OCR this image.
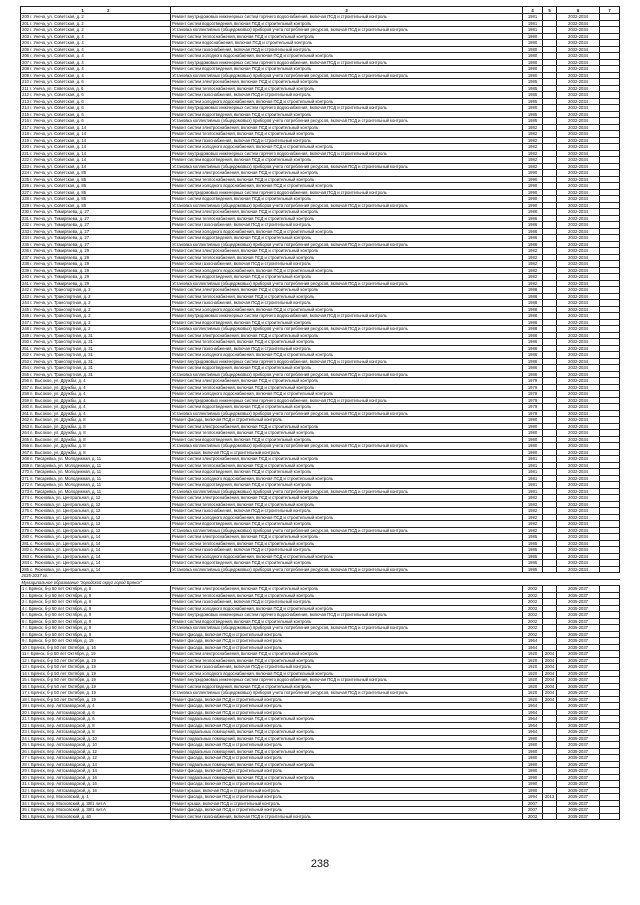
1 2	3	4	5	6	7
200 г. Унеча, ул. Советская, д. 2	Ремонт внутридомовых инженерных систем горячего водоснабжения, включая ПСД и строительный контроль	1981		2032-2034	
201 г. Унеча, ул. Советская, д. 2	Ремонт систем водоотведения, включая ПСД и строительный контроль	1981		2032-2034	
202 г. Унеча, ул. Советская, д. 2	Установка коллективных (общедомовых) приборов учета потребления ресурсов, включая ПСД и строительный контроль	1981		2032-2034	
203 г. Унеча, ул. Советская, д. 4	Ремонт систем теплоснабжения, включая ПСД и строительный контроль	1980		2032-2034	
204 г. Унеча, ул. Советская, д. 4	Ремонт систем водоснабжения, включая ПСД и строительный контроль	1980		2032-2034	
205 г. Унеча, ул. Советская, д. 4	Ремонт систем газоснабжения, включая ПСД и строительный контроль	1980		2032-2034	
206 г. Унеча, ул. Советская, д. 4	Ремонт систем холодного водоснабжения, включая ПСД и строительный контроль	1980		2032-2034	
207 г. Унеча, ул. Советская, д. 4	Ремонт внутридомовых инженерных систем горячего водоснабжения, включая ПСД и строительный контроль	1980		2032-2034	
208 г. Унеча, ул. Советская, д. 4	Ремонт систем водоотведения, включая ПСД и строительный контроль	1980		2032-2034	
209 г. Унеча, ул. Советская, д. 4	Установка коллективных (общедомовых) приборов учета потребления ресурсов, включая ПСД и строительный контроль	1980		2032-2034	
210 г. Унеча, ул. Советская, д. 6	Ремонт систем электроснабжения, включая ПСД и строительный контроль	1985		2032-2034	
211 г. Унеча, ул. Советская, д. 6	Ремонт систем теплоснабжения, включая ПСД и строительный контроль	1985		2032-2034	
212 г. Унеча, ул. Советская, д. 6	Ремонт систем газоснабжения, включая ПСД и строительный контроль	1985		2032-2034	
213 г. Унеча, ул. Советская, д. 6	Ремонт систем холодного водоснабжения, включая ПСД и строительный контроль	1985		2032-2034	
214 г. Унеча, ул. Советская, д. 6	Ремонт внутридомовых инженерных систем горячего водоснабжения, включая ПСД и строительный контроль	1985		2032-2034	
215 г. Унеча, ул. Советская, д. 6	Ремонт систем водоотведения, включая ПСД и строительный контроль	1985		2032-2034	
216 г. Унеча, ул. Советская, д. 6	Установка коллективных (общедомовых) приборов учета потребления ресурсов, включая ПСД и строительный контроль	1985		2032-2034	
217 г. Унеча, ул. Советская, д. 14	Ремонт систем электроснабжения, включая ПСД и строительный контроль	1982		2032-2034	
218 г. Унеча, ул. Советская, д. 14	Ремонт систем теплоснабжения, включая ПСД и строительный контроль	1982		2032-2034	
219 г. Унеча, ул. Советская, д. 14	Ремонт систем газоснабжения, включая ПСД и строительный контроль	1982		2032-2034	
220 г. Унеча, ул. Советская, д. 14	Ремонт систем холодного водоснабжения, включая ПСД и строительный контроль	1982		2032-2034	
221 г. Унеча, ул. Советская, д. 14	Ремонт внутридомовых инженерных систем горячего водоснабжения, включая ПСД и строительный контроль	1982		2032-2034	
222 г. Унеча, ул. Советская, д. 14	Ремонт систем водоотведения, включая ПСД и строительный контроль	1982		2032-2034	
223 г. Унеча, ул. Советская, д. 14	Установка коллективных (общедомовых) приборов учета потребления ресурсов, включая ПСД и строительный контроль	1982		2032-2034	
224 г. Унеча, ул. Советская, д. 85	Ремонт систем электроснабжения, включая ПСД и строительный контроль	1990		2032-2034	
225 г. Унеча, ул. Советская, д. 85	Ремонт систем теплоснабжения, включая ПСД и строительный контроль	1990		2032-2034	
226 г. Унеча, ул. Советская, д. 85	Ремонт систем холодного водоснабжения, включая ПСД и строительный контроль	1990		2032-2034	
227 г. Унеча, ул. Советская, д. 85	Ремонт внутридомовых инженерных систем горячего водоснабжения, включая ПСД и строительный контроль	1990		2032-2034	
228 г. Унеча, ул. Советская, д. 85	Ремонт систем водоотведения, включая ПСД и строительный контроль	1990		2032-2034	
229 г. Унеча, ул. Советская, д. 85	Установка коллективных (общедомовых) приборов учета потребления ресурсов, включая ПСД и строительный контроль	1990		2032-2034	
230 г. Унеча, ул. Тимирязева, д. 27	Ремонт систем электроснабжения, включая ПСД и строительный контроль	1986		2032-2034	
231 г. Унеча, ул. Тимирязева, д. 27	Ремонт систем теплоснабжения, включая ПСД и строительный контроль	1986		2032-2034	
232 г. Унеча, ул. Тимирязева, д. 27	Ремонт систем газоснабжения, включая ПСД и строительный контроль	1986		2032-2034	
233 г. Унеча, ул. Тимирязева, д. 27	Ремонт систем холодного водоснабжения, включая ПСД и строительный контроль	1986		2032-2034	
234 г. Унеча, ул. Тимирязева, д. 27	Ремонт систем водоотведения, включая ПСД и строительный контроль	1986		2032-2034	
235 г. Унеча, ул. Тимирязева, д. 27	Установка коллективных (общедомовых) приборов учета потребления ресурсов, включая ПСД и строительный контроль	1986		2032-2034	
236 г. Унеча, ул. Тимирязева, д. 29	Ремонт систем электроснабжения, включая ПСД и строительный контроль	1982		2032-2034	
237 г. Унеча, ул. Тимирязева, д. 29	Ремонт систем теплоснабжения, включая ПСД и строительный контроль	1982		2032-2034	
238 г. Унеча, ул. Тимирязева, д. 29	Ремонт систем газоснабжения, включая ПСД и строительный контроль	1982		2032-2034	
239 г. Унеча, ул. Тимирязева, д. 29	Ремонт систем холодного водоснабжения, включая ПСД и строительный контроль	1982		2032-2034	
240 г. Унеча, ул. Тимирязева, д. 29	Ремонт систем водоотведения, включая ПСД и строительный контроль	1982		2032-2034	
241 г. Унеча, ул. Тимирязева, д. 29	Установка коллективных (общедомовых) приборов учета потребления ресурсов, включая ПСД и строительный контроль	1982		2032-2034	
242 г. Унеча, ул. Транспортная, д. 2	Ремонт систем электроснабжения, включая ПСД и строительный контроль	1988		2032-2034	
243 г. Унеча, ул. Транспортная, д. 2	Ремонт систем теплоснабжения, включая ПСД и строительный контроль	1988		2032-2034	
244 г. Унеча, ул. Транспортная, д. 2	Ремонт систем газоснабжения, включая ПСД и строительный контроль	1988		2032-2034	
245 г. Унеча, ул. Транспортная, д. 2	Ремонт систем холодного водоснабжения, включая ПСД и строительный контроль	1988		2032-2034	
246 г. Унеча, ул. Транспортная, д. 2	Ремонт внутридомовых инженерных систем горячего водоснабжения, включая ПСД и строительный контроль	1988		2032-2034	
247 г. Унеча, ул. Транспортная, д. 2	Ремонт систем водоотведения, включая ПСД и строительный контроль	1988		2032-2034	
248 г. Унеча, ул. Транспортная, д. 2	Установка коллективных (общедомовых) приборов учета потребления ресурсов, включая ПСД и строительный контроль	1988		2032-2034	
249 г. Унеча, ул. Транспортная, д. 31	Ремонт систем электроснабжения, включая ПСД и строительный контроль	1986		2032-2034	
250 г. Унеча, ул. Транспортная, д. 31	Ремонт систем теплоснабжения, включая ПСД и строительный контроль	1986		2032-2034	
251 г. Унеча, ул. Транспортная, д. 31	Ремонт систем газоснабжения, включая ПСД и строительный контроль	1986		2032-2034	
252 г. Унеча, ул. Транспортная, д. 31	Ремонт систем холодного водоснабжения, включая ПСД и строительный контроль	1986		2032-2034	
253 г. Унеча, ул. Транспортная, д. 31	Ремонт внутридомовых инженерных систем горячего водоснабжения, включая ПСД и строительный контроль	1986		2032-2034	
254 г. Унеча, ул. Транспортная, д. 31	Ремонт систем водоотведения, включая ПСД и строительный контроль	1986		2032-2034	
255 г. Унеча, ул. Транспортная, д. 31	Установка коллективных (общедомовых) приборов учета потребления ресурсов, включая ПСД и строительный контроль	1986		2032-2034	
256 п. Высокое, ул. Дружбы, д. 4	Ремонт систем электроснабжения, включая ПСД и строительный контроль	1979		2032-2034	
257 п. Высокое, ул. Дружбы, д. 4	Ремонт систем теплоснабжения, включая ПСД и строительный контроль	1979		2032-2034	
258 п. Высокое, ул. Дружбы, д. 4	Ремонт систем холодного водоснабжения, включая ПСД и строительный контроль	1979		2032-2034	
259 п. Высокое, ул. Дружбы, д. 4	Ремонт внутридомовых инженерных систем горячего водоснабжения, включая ПСД и строительный контроль	1979		2032-2034	
260 п. Высокое, ул. Дружбы, д. 4	Ремонт систем водоотведения, включая ПСД и строительный контроль	1979		2032-2034	
261 п. Высокое, ул. Дружбы, д. 4	Установка коллективных (общедомовых) приборов учета потребления ресурсов, включая ПСД и строительный контроль	1979		2032-2034	
262 п. Высокое, ул. Дружбы, д. 8	Ремонт фасада, включая ПСД и строительный контроль	1980		2032-2034	
263 п. Высокое, ул. Дружбы, д. 8	Ремонт систем электроснабжения, включая ПСД и строительный контроль	1980		2032-2034	
264 п. Высокое, ул. Дружбы, д. 8	Ремонт систем теплоснабжения, включая ПСД и строительный контроль	1980		2032-2034	
265 п. Высокое, ул. Дружбы, д. 8	Ремонт систем водоотведения, включая ПСД и строительный контроль	1980		2032-2034	
266 п. Высокое, ул. Дружбы, д. 8	Установка коллективных (общедомовых) приборов учета потребления ресурсов, включая ПСД и строительный контроль	1980		2032-2034	
267 п. Высокое, ул. Дружбы, д. 8	Ремонт крыши, включая ПСД и строительный контроль	1980		2032-2034	
268 п. Писаревка, ул. Молодежная, д. 11	Ремонт систем электроснабжения, включая ПСД и строительный контроль	1981		2032-2034	
269 п. Писаревка, ул. Молодежная, д. 11	Ремонт систем теплоснабжения, включая ПСД и строительный контроль	1981		2032-2034	
270 п. Писаревка, ул. Молодежная, д. 11	Ремонт систем водоотведения, включая ПСД и строительный контроль	1981		2032-2034	
271 п. Писаревка, ул. Молодежная, д. 11	Ремонт систем холодного водоснабжения, включая ПСД и строительный контроль	1981		2032-2034	
272 п. Писаревка, ул. Молодежная, д. 11	Ремонт систем водоотведения, включая ПСД и строительный контроль	1981		2032-2034	
273 п. Писаревка, ул. Молодежная, д. 11	Установка коллективных (общедомовых) приборов учета потребления ресурсов, включая ПСД и строительный контроль	1981		2032-2034	
274 с. Рюхновка, ул. Центральная, д. 12	Ремонт систем электроснабжения, включая ПСД и строительный контроль	1982		2032-2034	
275 с. Рюхновка, ул. Центральная, д. 12	Ремонт систем теплоснабжения, включая ПСД и строительный контроль	1982		2032-2034	
276 с. Рюхновка, ул. Центральная, д. 12	Ремонт систем газоснабжения, включая ПСД и строительный контроль	1982		2032-2034	
277 с. Рюхновка, ул. Центральная, д. 12	Ремонт систем холодного водоснабжения, включая ПСД и строительный контроль	1982		2032-2034	
278 с. Рюхновка, ул. Центральная, д. 12	Ремонт систем водоотведения, включая ПСД и строительный контроль	1982		2032-2034	
279 с. Рюхновка, ул. Центральная, д. 12	Установка коллективных (общедомовых) приборов учета потребления ресурсов, включая ПСД и строительный контроль	1982		2032-2034	
280 с. Рюхновка, ул. Центральная, д. 14	Ремонт систем электроснабжения, включая ПСД и строительный контроль	1985		2032-2034	
281 с. Рюхновка, ул. Центральная, д. 14	Ремонт систем теплоснабжения, включая ПСД и строительный контроль	1985		2032-2034	
282 с. Рюхновка, ул. Центральная, д. 14	Ремонт систем газоснабжения, включая ПСД и строительный контроль	1985		2032-2034	
283 с. Рюхновка, ул. Центральная, д. 14	Ремонт систем холодного водоснабжения, включая ПСД и строительный контроль	1985		2032-2034	
284 с. Рюхновка, ул. Центральная, д. 14	Ремонт систем водоотведения, включая ПСД и строительный контроль	1985		2032-2034	
285 с. Рюхновка, ул. Центральная, д. 14	Установка коллективных (общедомовых) приборов учета потребления ресурсов, включая ПСД и строительный контроль	1985		2032-2034	
2035-2037 гг.					
Муниципальное образование "городской округ город Брянск"					
1 г. Брянск, б-р 50 лет Октября, д. 9	Ремонт систем электроснабжения, включая ПСД и строительный контроль	2002		2035-2037	
2 г. Брянск, б-р 50 лет Октября, д. 9	Ремонт систем теплоснабжения, включая ПСД и строительный контроль	2002		2035-2037	
3 г. Брянск, б-р 50 лет Октября, д. 9	Ремонт систем газоснабжения, включая ПСД и строительный контроль	2002		2035-2037	
4 г. Брянск, б-р 50 лет Октября, д. 9	Ремонт систем холодного водоснабжения, включая ПСД и строительный контроль	2002		2035-2037	
5 г. Брянск, б-р 50 лет Октября, д. 9	Ремонт внутридомовых инженерных систем горячего водоснабжения, включая ПСД и строительный контроль	2002		2035-2037	
6 г. Брянск, б-р 50 лет Октября, д. 9	Ремонт систем водоотведения, включая ПСД и строительный контроль	2002		2035-2037	
7 г. Брянск, б-р 50 лет Октября, д. 9	Установка коллективных (общедомовых) приборов учета потребления ресурсов, включая ПСД и строительный контроль	2002		2035-2037	
8 г. Брянск, б-р 50 лет Октября, д. 9	Ремонт фасада, включая ПСД и строительный контроль	2002		2035-2037	
9 г. Брянск, б-р 50 лет Октября, д. 15	Ремонт фасада, включая ПСД и строительный контроль	1964		2035-2037	
10 г. Брянск, б-р 50 лет Октября, д. 16	Ремонт фасада, включая ПСД и строительный контроль	1964		2035-2037	
11 г. Брянск, б-р 50 лет Октября, д. 19	Ремонт систем электроснабжения, включая ПСД и строительный контроль	1920	2004	2035-2037	
12 г. Брянск, б-р 50 лет Октября, д. 19	Ремонт систем теплоснабжения, включая ПСД и строительный контроль	1920	2004	2035-2037	
13 г. Брянск, б-р 50 лет Октября, д. 19	Ремонт систем газоснабжения, включая ПСД и строительный контроль	1920	2004	2035-2037	
14 г. Брянск, б-р 50 лет Октября, д. 19	Ремонт систем холодного водоснабжения, включая ПСД и строительный контроль	1920	2004	2035-2037	
15 г. Брянск, б-р 50 лет Октября, д. 19	Ремонт внутридомовых инженерных систем горячего водоснабжения, включая ПСД и строительный контроль	1920	2004	2035-2037	
16 г. Брянск, б-р 50 лет Октября, д. 19	Ремонт систем водоотведения, включая ПСД и строительный контроль	1920	2004	2035-2037	
17 г. Брянск, б-р 50 лет Октября, д. 19	Установка коллективных (общедомовых) приборов учета потребления ресурсов, включая ПСД и строительный контроль	1920	2004	2035-2037	
18 г. Брянск, б-р 50 лет Октября, д. 19	Ремонт фасада, включая ПСД и строительный контроль	1920	2004	2035-2037	
19 г. Брянск, пер. Автозаводской, д. 4	Ремонт фасада, включая ПСД и строительный контроль	1964		2035-2037	
20 г. Брянск, пер. Автозаводской, д. 6	Ремонт фасада, включая ПСД и строительный контроль	1964		2035-2037	
21 г. Брянск, пер. Автозаводской, д. 6	Ремонт подвальных помещений, включая ПСД и строительный контроль	1964		2035-2037	
22 г. Брянск, пер. Автозаводской, д. 8	Ремонт фасада, включая ПСД и строительный контроль	1964		2035-2037	
23 г. Брянск, пер. Автозаводской, д. 8	Ремонт подвальных помещений, включая ПСД и строительный контроль	1964		2035-2037	
24 г. Брянск, пер. Автозаводской, д. 10	Ремонт подвальных помещений, включая ПСД и строительный контроль	1980		2035-2037	
25 г. Брянск, пер. Автозаводской, д. 10	Ремонт фасада, включая ПСД и строительный контроль	1980		2035-2037	
26 г. Брянск, пер. Автозаводской, д. 12	Ремонт подвальных помещений, включая ПСД и строительный контроль	1980		2035-2037	
27 г. Брянск, пер. Автозаводской, д. 12	Ремонт фасада, включая ПСД и строительный контроль	1980		2035-2037	
28 г. Брянск, пер. Автозаводской, д. 14	Ремонт подвальных помещений, включая ПСД и строительный контроль	1980		2035-2037	
29 г. Брянск, пер. Автозаводской, д. 14	Ремонт фасада, включая ПСД и строительный контроль	1980		2035-2037	
30 г. Брянск, пер. Автозаводской, д. 16	Ремонт подвальных помещений, включая ПСД и строительный контроль	1990		2035-2037	
31 г. Брянск, пер. Автозаводской, д. 16	Ремонт фасада, включая ПСД и строительный контроль	1990		2035-2037	
32 г. Брянск, пер. Автозаводской, д. 16	Ремонт крыши, включая ПСД и строительный контроль	1990		2035-2037	
33 г. Брянск, пер. Московский, д. 1	Ремонт фасада, включая ПСД и строительный контроль	1994	2013	2035-2037	
34 г. Брянск, пер. Московский, д. 38/1 лит.А	Ремонт крыши, включая ПСД и строительный контроль	2007		2035-2037	
35 г. Брянск, пер. Московский, д. 38/1 лит.А	Ремонт фасада, включая ПСД и строительный контроль	2007		2035-2037	
36 г. Брянск, пер. Московский, д. 40	Ремонт систем газоснабжения, включая ПСД и строительный контроль	2002		2035-2037	
238
